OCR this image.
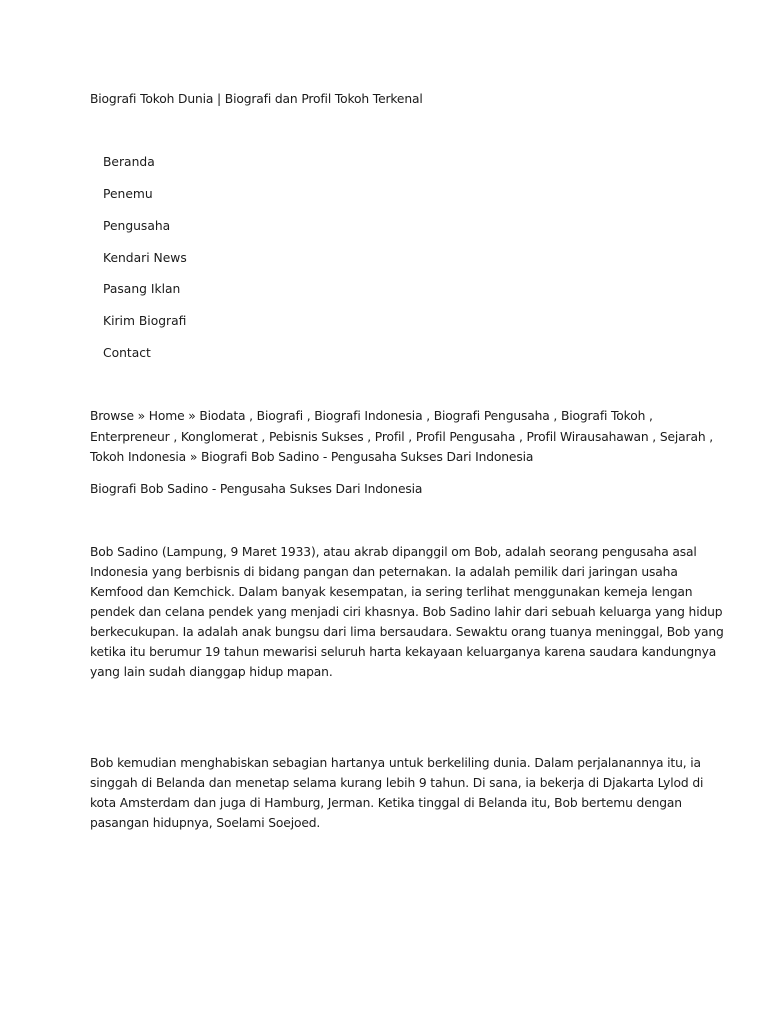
Biografi Tokoh Dunia | Biografi dan Profil Tokoh Terkenal
Beranda
Penemu
Pengusaha
Kendari News
Pasang Iklan
Kirim Biografi
Contact
Browse » Home » Biodata , Biografi , Biografi Indonesia , Biografi Pengusaha , Biografi Tokoh ,
Enterpreneur , Konglomerat , Pebisnis Sukses , Profil , Profil Pengusaha , Profil Wirausahawan , Sejarah ,
Tokoh Indonesia » Biografi Bob Sadino - Pengusaha Sukses Dari Indonesia
Biografi Bob Sadino - Pengusaha Sukses Dari Indonesia
Bob Sadino (Lampung, 9 Maret 1933), atau akrab dipanggil om Bob, adalah seorang pengusaha asal
Indonesia yang berbisnis di bidang pangan dan peternakan. Ia adalah pemilik dari jaringan usaha
Kemfood dan Kemchick. Dalam banyak kesempatan, ia sering terlihat menggunakan kemeja lengan
pendek dan celana pendek yang menjadi ciri khasnya. Bob Sadino lahir dari sebuah keluarga yang hidup
berkecukupan. Ia adalah anak bungsu dari lima bersaudara. Sewaktu orang tuanya meninggal, Bob yang
ketika itu berumur 19 tahun mewarisi seluruh harta kekayaan keluarganya karena saudara kandungnya
yang lain sudah dianggap hidup mapan.
Bob kemudian menghabiskan sebagian hartanya untuk berkeliling dunia. Dalam perjalanannya itu, ia
singgah di Belanda dan menetap selama kurang lebih 9 tahun. Di sana, ia bekerja di Djakarta Lylod di
kota Amsterdam dan juga di Hamburg, Jerman. Ketika tinggal di Belanda itu, Bob bertemu dengan
pasangan hidupnya, Soelami Soejoed.
